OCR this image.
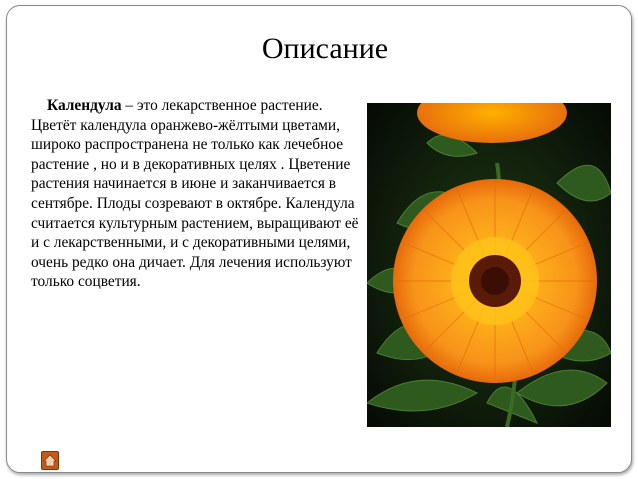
Описание
Календула – это лекарственное растение. Цветёт календула оранжево-жёлтыми цветами, широко распространена не только как лечебное растение , но и в декоративных целях . Цветение растения начинается в июне и заканчивается в сентябре. Плоды созревают в октябре. Календула считается культурным растением, выращивают её и с лекарственными, и с декоративными целями, очень редко она дичает. Для лечения используют только соцветия.
